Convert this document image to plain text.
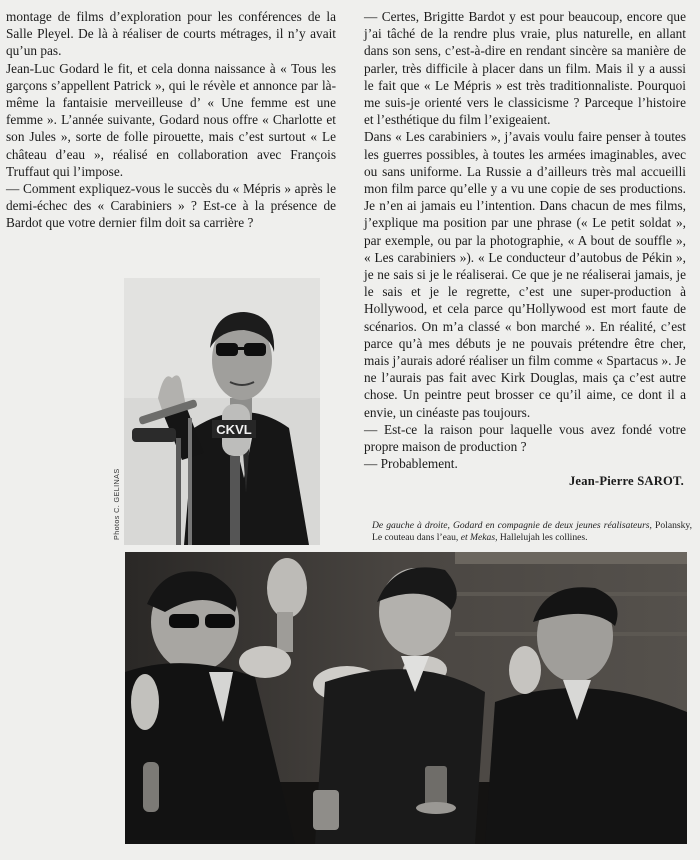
montage de films d’exploration pour les conférences de la Salle Pleyel. De là à réaliser de courts métrages, il n’y avait qu’un pas.

Jean-Luc Godard le fit, et cela donna naissance à « Tous les garçons s’appellent Patrick », qui le révèle et annonce par là-même la fantaisie merveilleuse d’ « Une femme est une femme ». L’année suivante, Godard nous offre « Charlotte et son Jules », sorte de folle pirouette, mais c’est surtout « Le château d’eau », réalisé en collaboration avec François Truffaut qui l’impose.

— Comment expliquez-vous le succès du « Mépris » après le demi-échec des « Carabiniers » ? Est-ce à la présence de Bardot que votre dernier film doit sa carrière ?

— Certes, Brigitte Bardot y est pour beaucoup, encore que j’ai tâché de la rendre plus vraie, plus naturelle, en allant dans son sens, c’est-à-dire en rendant sincère sa manière de parler, très difficile à placer dans un film. Mais il y a aussi le fait que « Le Mépris » est très traditionnaliste. Pourquoi me suis-je orienté vers le classicisme ? Parceque l’histoire et l’esthétique du film l’exigeaient.

Dans « Les carabiniers », j’avais voulu faire penser à toutes les guerres possibles, à toutes les armées imaginables, avec ou sans uniforme. La Russie a d’ailleurs très mal accueilli mon film parce qu’elle y a vu une copie de ses productions. Je n’en ai jamais eu l’intention. Dans chacun de mes films, j’explique ma position par une phrase (« Le petit soldat », par exemple, ou par la photographie, « A bout de souffle », « Les carabiniers »). « Le conducteur d’autobus de Pékin », je ne sais si je le réaliserai. Ce que je ne réaliserai jamais, je le sais et je le regrette, c’est une super-production à Hollywood, et cela parce qu’Hollywood est mort faute de scénarios. On m’a classé « bon marché ». En réalité, c’est parce qu’à mes débuts je ne pouvais prétendre être cher, mais j’aurais adoré réaliser un film comme « Spartacus ». Je ne l’aurais pas fait avec Kirk Douglas, mais ça c’est autre chose. Un peintre peut brosser ce qu’il aime, ce dont il a envie, un cinéaste pas toujours.

— Est-ce la raison pour laquelle vous avez fondé votre propre maison de production ?

— Probablement.

Jean-Pierre SAROT.
De gauche à droite, Godard en compagnie de deux jeunes réalisateurs, Polansky, Le couteau dans l’eau, et Mekas, Hallelujah les collines.
Photos C. GELINAS
CKVL
